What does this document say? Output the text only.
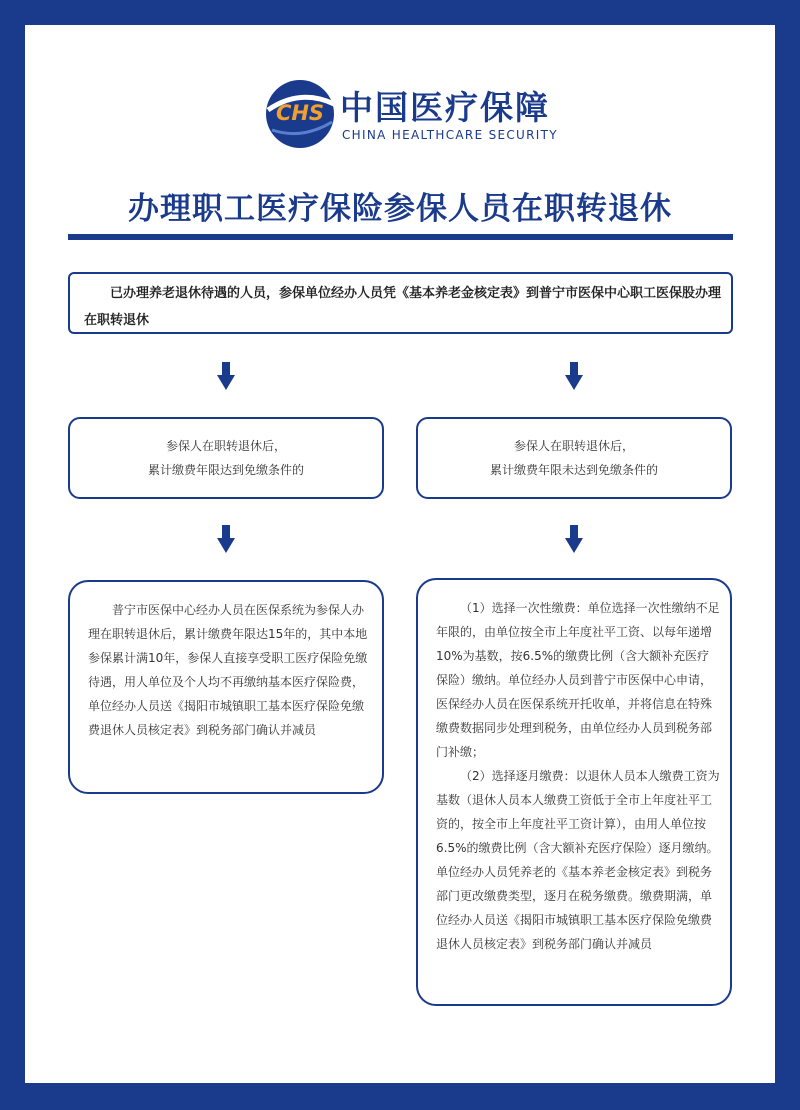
CHS 中国医疗保障
CHINA HEALTHCARE SECURITY
办理职工医疗保险参保人员在职转退休
已办理养老退休待遇的人员，参保单位经办人员凭《基本养老金核定表》到普宁市医保中心职工医保股办理在职转退休
参保人在职转退休后，
累计缴费年限达到免缴条件的
参保人在职转退休后，
累计缴费年限未达到免缴条件的
普宁市医保中心经办人员在医保系统为参保人办理在职转退休后，累计缴费年限达15年的，其中本地参保累计满10年，参保人直接享受职工医疗保险免缴待遇，用人单位及个人均不再缴纳基本医疗保险费，单位经办人员送《揭阳市城镇职工基本医疗保险免缴费退休人员核定表》到税务部门确认并减员

（1）选择一次性缴费：单位选择一次性缴纳不足年限的，由单位按全市上年度社平工资、以每年递增10%为基数，按6.5%的缴费比例（含大额补充医疗保险）缴纳。单位经办人员到普宁市医保中心申请，医保经办人员在医保系统开托收单，并将信息在特殊缴费数据同步处理到税务，由单位经办人员到税务部门补缴；

（2）选择逐月缴费：以退休人员本人缴费工资为基数（退休人员本人缴费工资低于全市上年度社平工资的，按全市上年度社平工资计算），由用人单位按6.5%的缴费比例（含大额补充医疗保险）逐月缴纳。单位经办人员凭养老的《基本养老金核定表》到税务部门更改缴费类型，逐月在税务缴费。缴费期满，单位经办人员送《揭阳市城镇职工基本医疗保险免缴费退休人员核定表》到税务部门确认并减员
